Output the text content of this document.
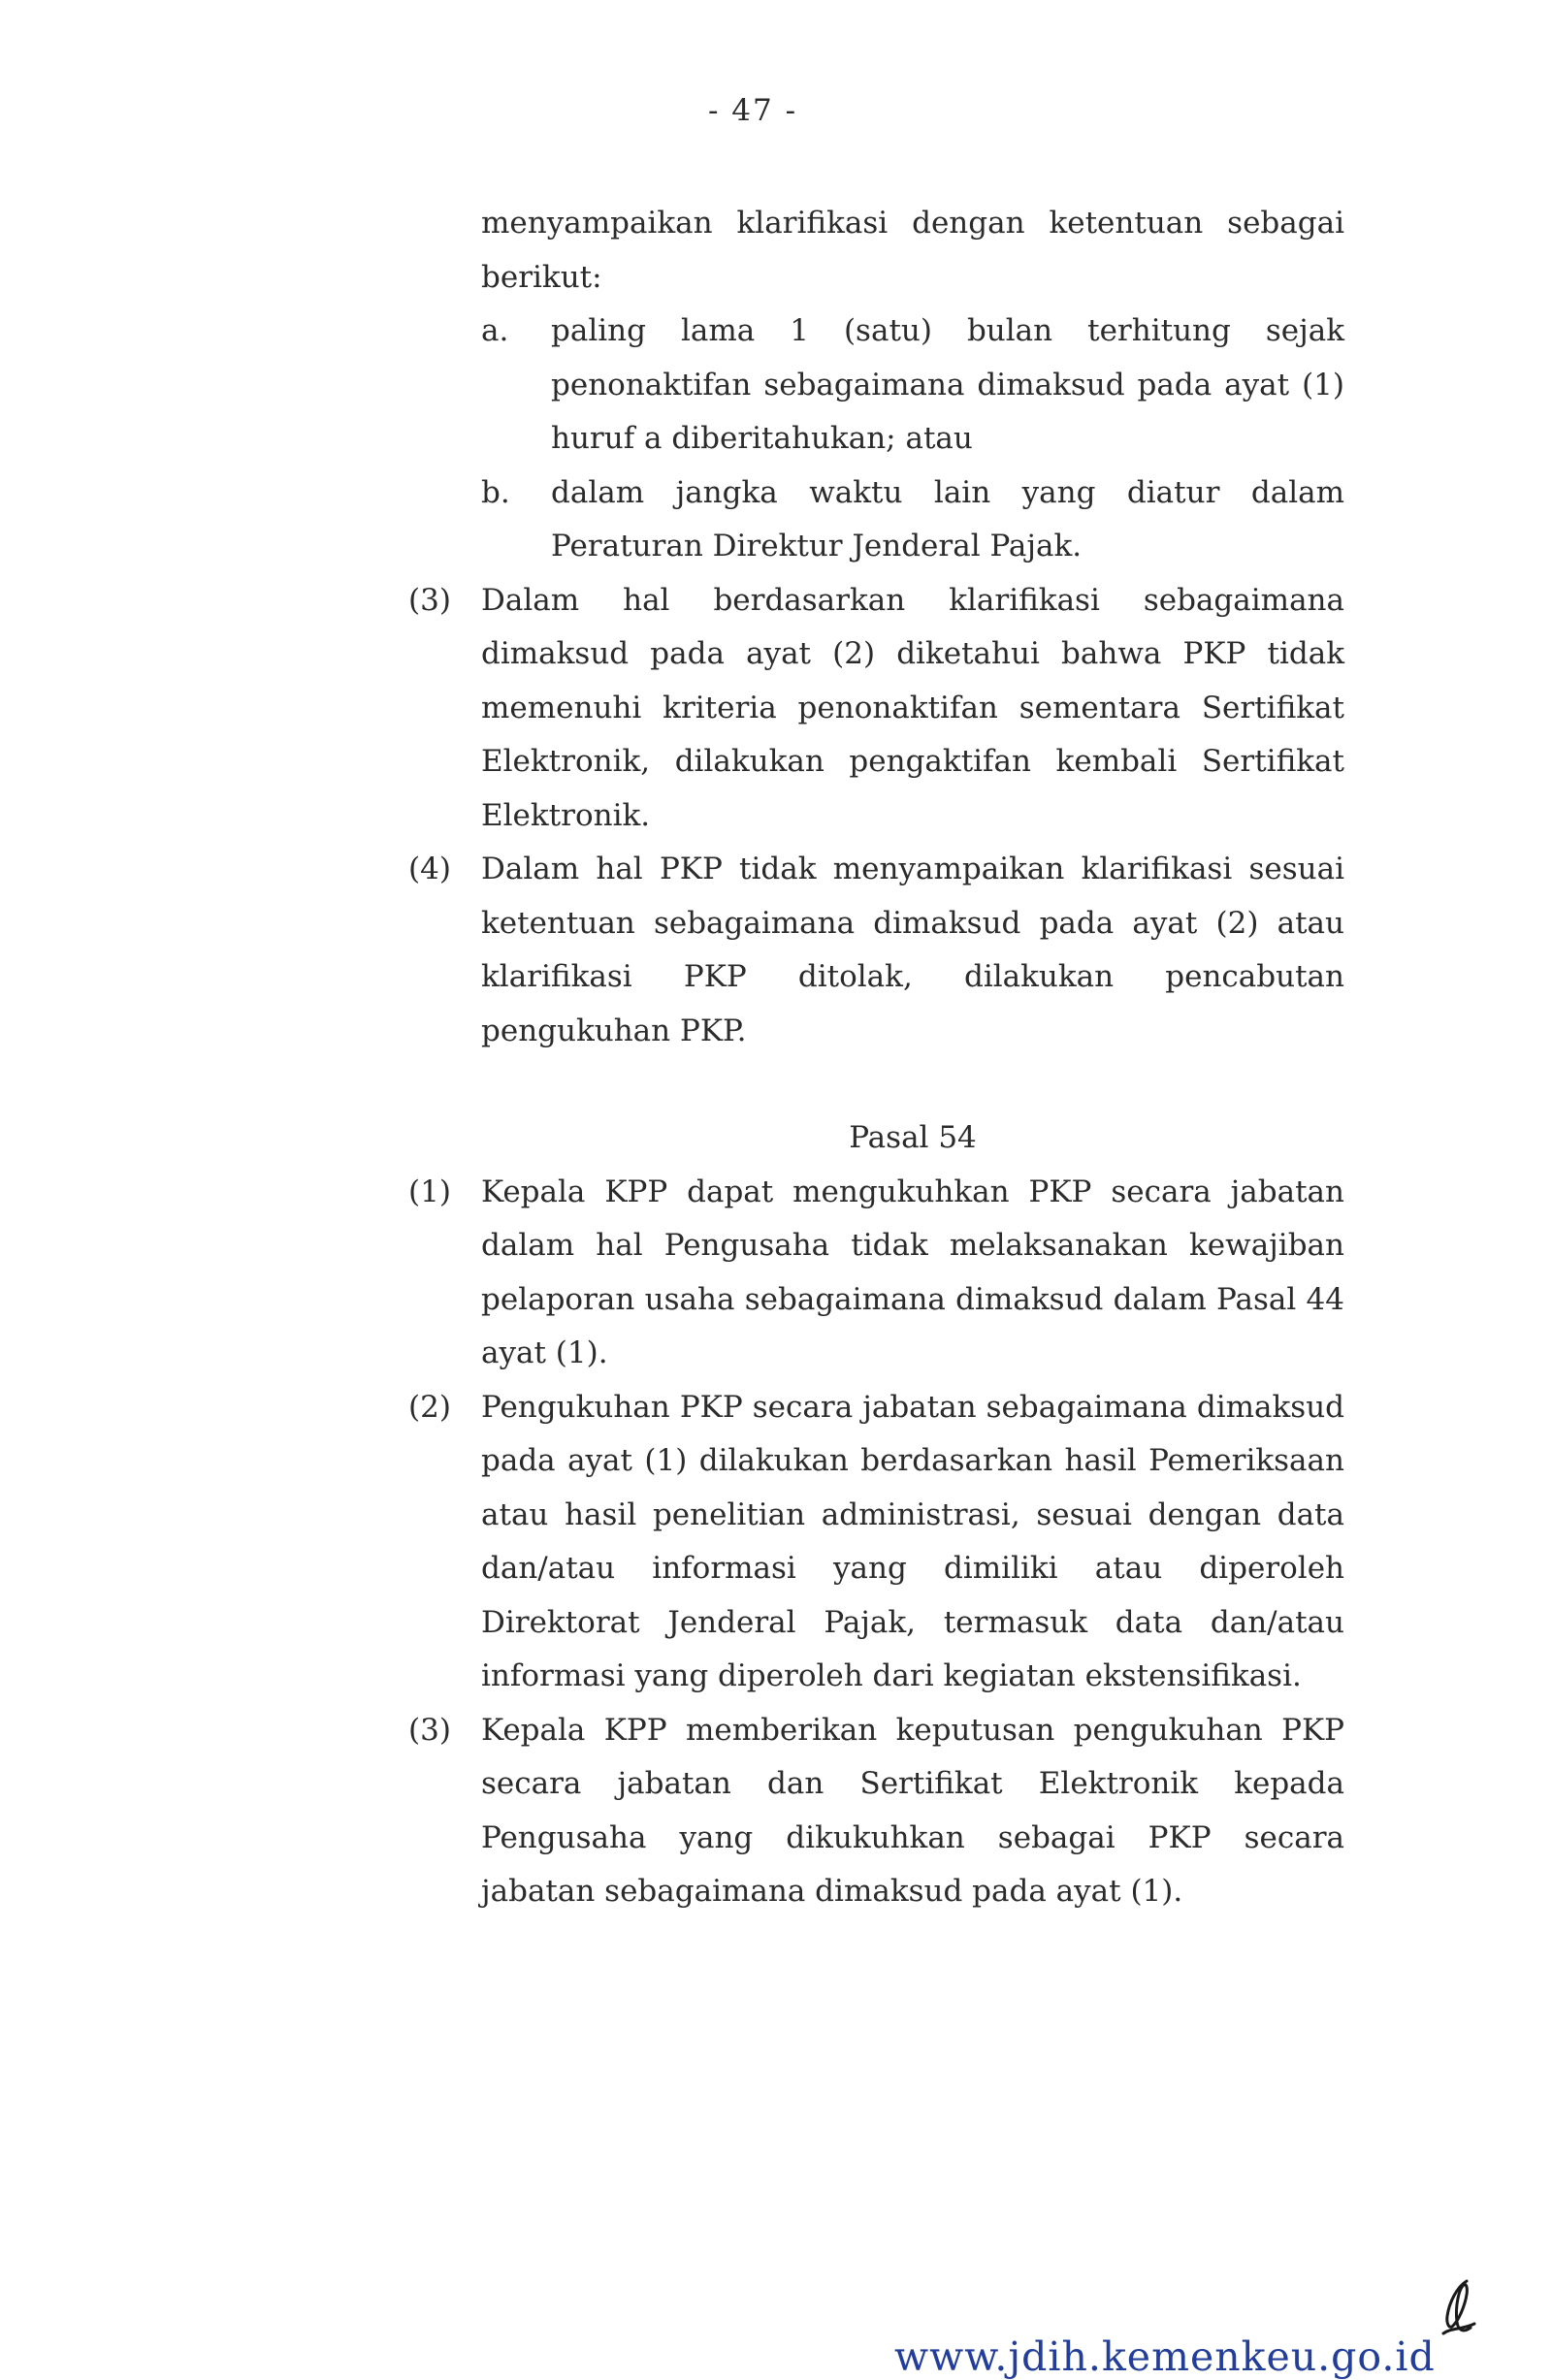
- 47 -
menyampaikan klarifikasi dengan ketentuan sebagai berikut:
a. paling lama 1 (satu) bulan terhitung sejak penonaktifan sebagaimana dimaksud pada ayat (1) huruf a diberitahukan; atau
b. dalam jangka waktu lain yang diatur dalam Peraturan Direktur Jenderal Pajak.
(3) Dalam hal berdasarkan klarifikasi sebagaimana dimaksud pada ayat (2) diketahui bahwa PKP tidak memenuhi kriteria penonaktifan sementara Sertifikat Elektronik, dilakukan pengaktifan kembali Sertifikat Elektronik.
(4) Dalam hal PKP tidak menyampaikan klarifikasi sesuai ketentuan sebagaimana dimaksud pada ayat (2) atau klarifikasi PKP ditolak, dilakukan pencabutan pengukuhan PKP.
Pasal 54
(1) Kepala KPP dapat mengukuhkan PKP secara jabatan dalam hal Pengusaha tidak melaksanakan kewajiban pelaporan usaha sebagaimana dimaksud dalam Pasal 44 ayat (1).
(2) Pengukuhan PKP secara jabatan sebagaimana dimaksud pada ayat (1) dilakukan berdasarkan hasil Pemeriksaan atau hasil penelitian administrasi, sesuai dengan data dan/atau informasi yang dimiliki atau diperoleh Direktorat Jenderal Pajak, termasuk data dan/atau informasi yang diperoleh dari kegiatan ekstensifikasi.
(3) Kepala KPP memberikan keputusan pengukuhan PKP secara jabatan dan Sertifikat Elektronik kepada Pengusaha yang dikukuhkan sebagai PKP secara jabatan sebagaimana dimaksud pada ayat (1).
www.jdih.kemenkeu.go.id
